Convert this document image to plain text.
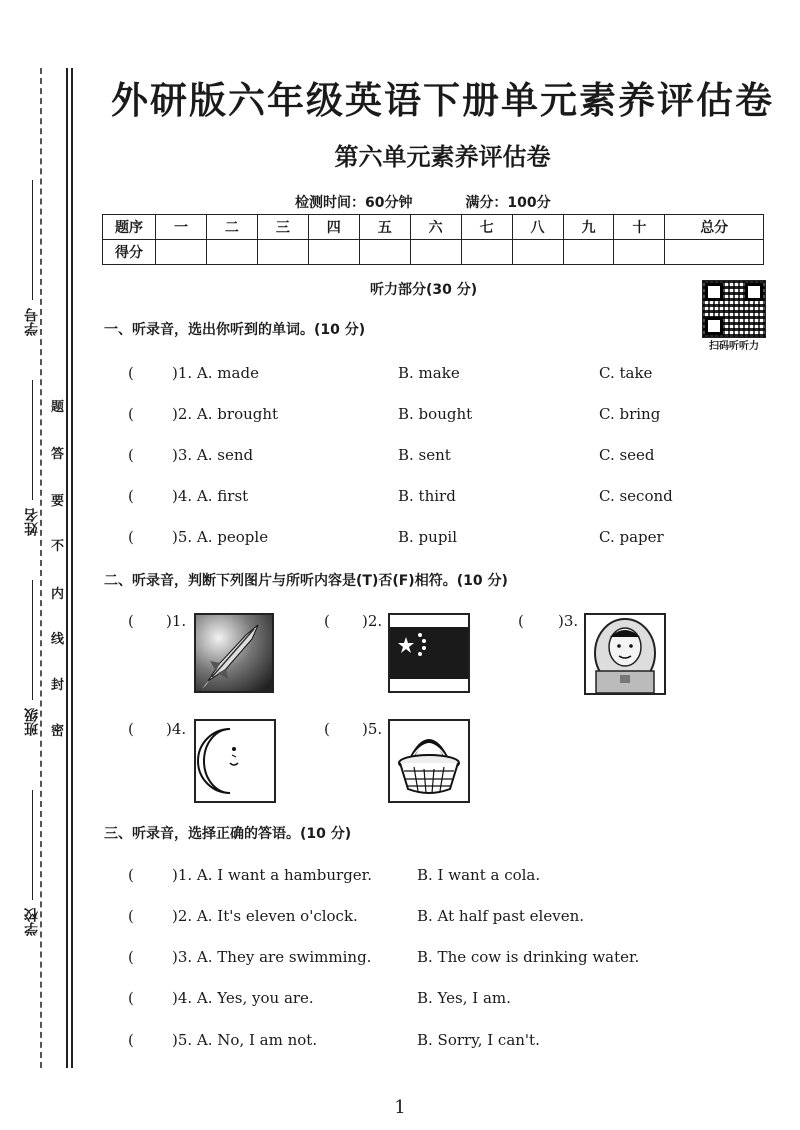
学号
姓名
班级
学校
题
答
要
不
内
线
封
密
外研版六年级英语下册单元素养评估卷
第六单元素养评估卷
检测时间：60分钟	满分：100分
题序	一	二	三	四	五	六	七	八	九	十	总分
得分											
听力部分(30 分)
扫码听听力
一、听录音，选出你听到的单词。(10 分)
(	)1. A. made	B. make	C. take
(	)2. A. brought	B. bought	C. bring
(	)3. A. send	B. sent	C. seed
(	)4. A. first	B. third	C. second
(	)5. A. people	B. pupil	C. paper
二、听录音，判断下列图片与所听内容是(T)否(F)相符。(10 分)
( )1.	( )2.	( )3.
( )4.	( )5.
三、听录音，选择正确的答语。(10 分)
(	)1. A. I want a hamburger.	B. I want a cola.
(	)2. A. It's eleven o'clock.	B. At half past eleven.
(	)3. A. They are swimming.	B. The cow is drinking water.
(	)4. A. Yes, you are.	B. Yes, I am.
(	)5. A. No, I am not.	B. Sorry, I can't.
1
